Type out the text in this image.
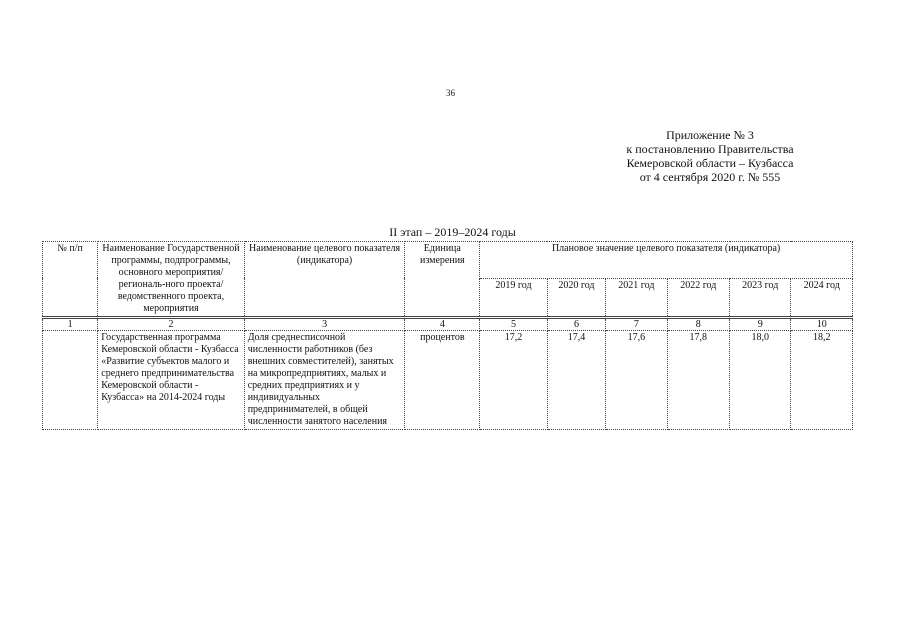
36
Приложение № 3
к постановлению Правительства
Кемеровской области – Кузбасса
от 4 сентября 2020 г. № 555
II этап – 2019–2024 годы
№ п/п	Наименование Государственной программы, подпрограммы, основного мероприятия/региональ-ного проекта/ ведомственного проекта, мероприятия	Наименование целевого показателя (индикатора)	Единица измерения	Плановое значение целевого показателя (индикатора)					
				2019 год	2020 год	2021 год	2022 год	2023 год	2024 год
1	2	3	4	5	6	7	8	9	10
	Государственная программа Кемеровской области - Кузбасса «Развитие субъектов малого и среднего предпринимательства Кемеровской области - Кузбасса» на 2014-2024 годы	Доля среднесписочной численности работников (без внешних совместителей), занятых на микропредприятиях, малых и средних предприятиях и у индивидуальных предпринимателей, в общей численности занятого населения	процентов	17,2	17,4	17,6	17,8	18,0	18,2
